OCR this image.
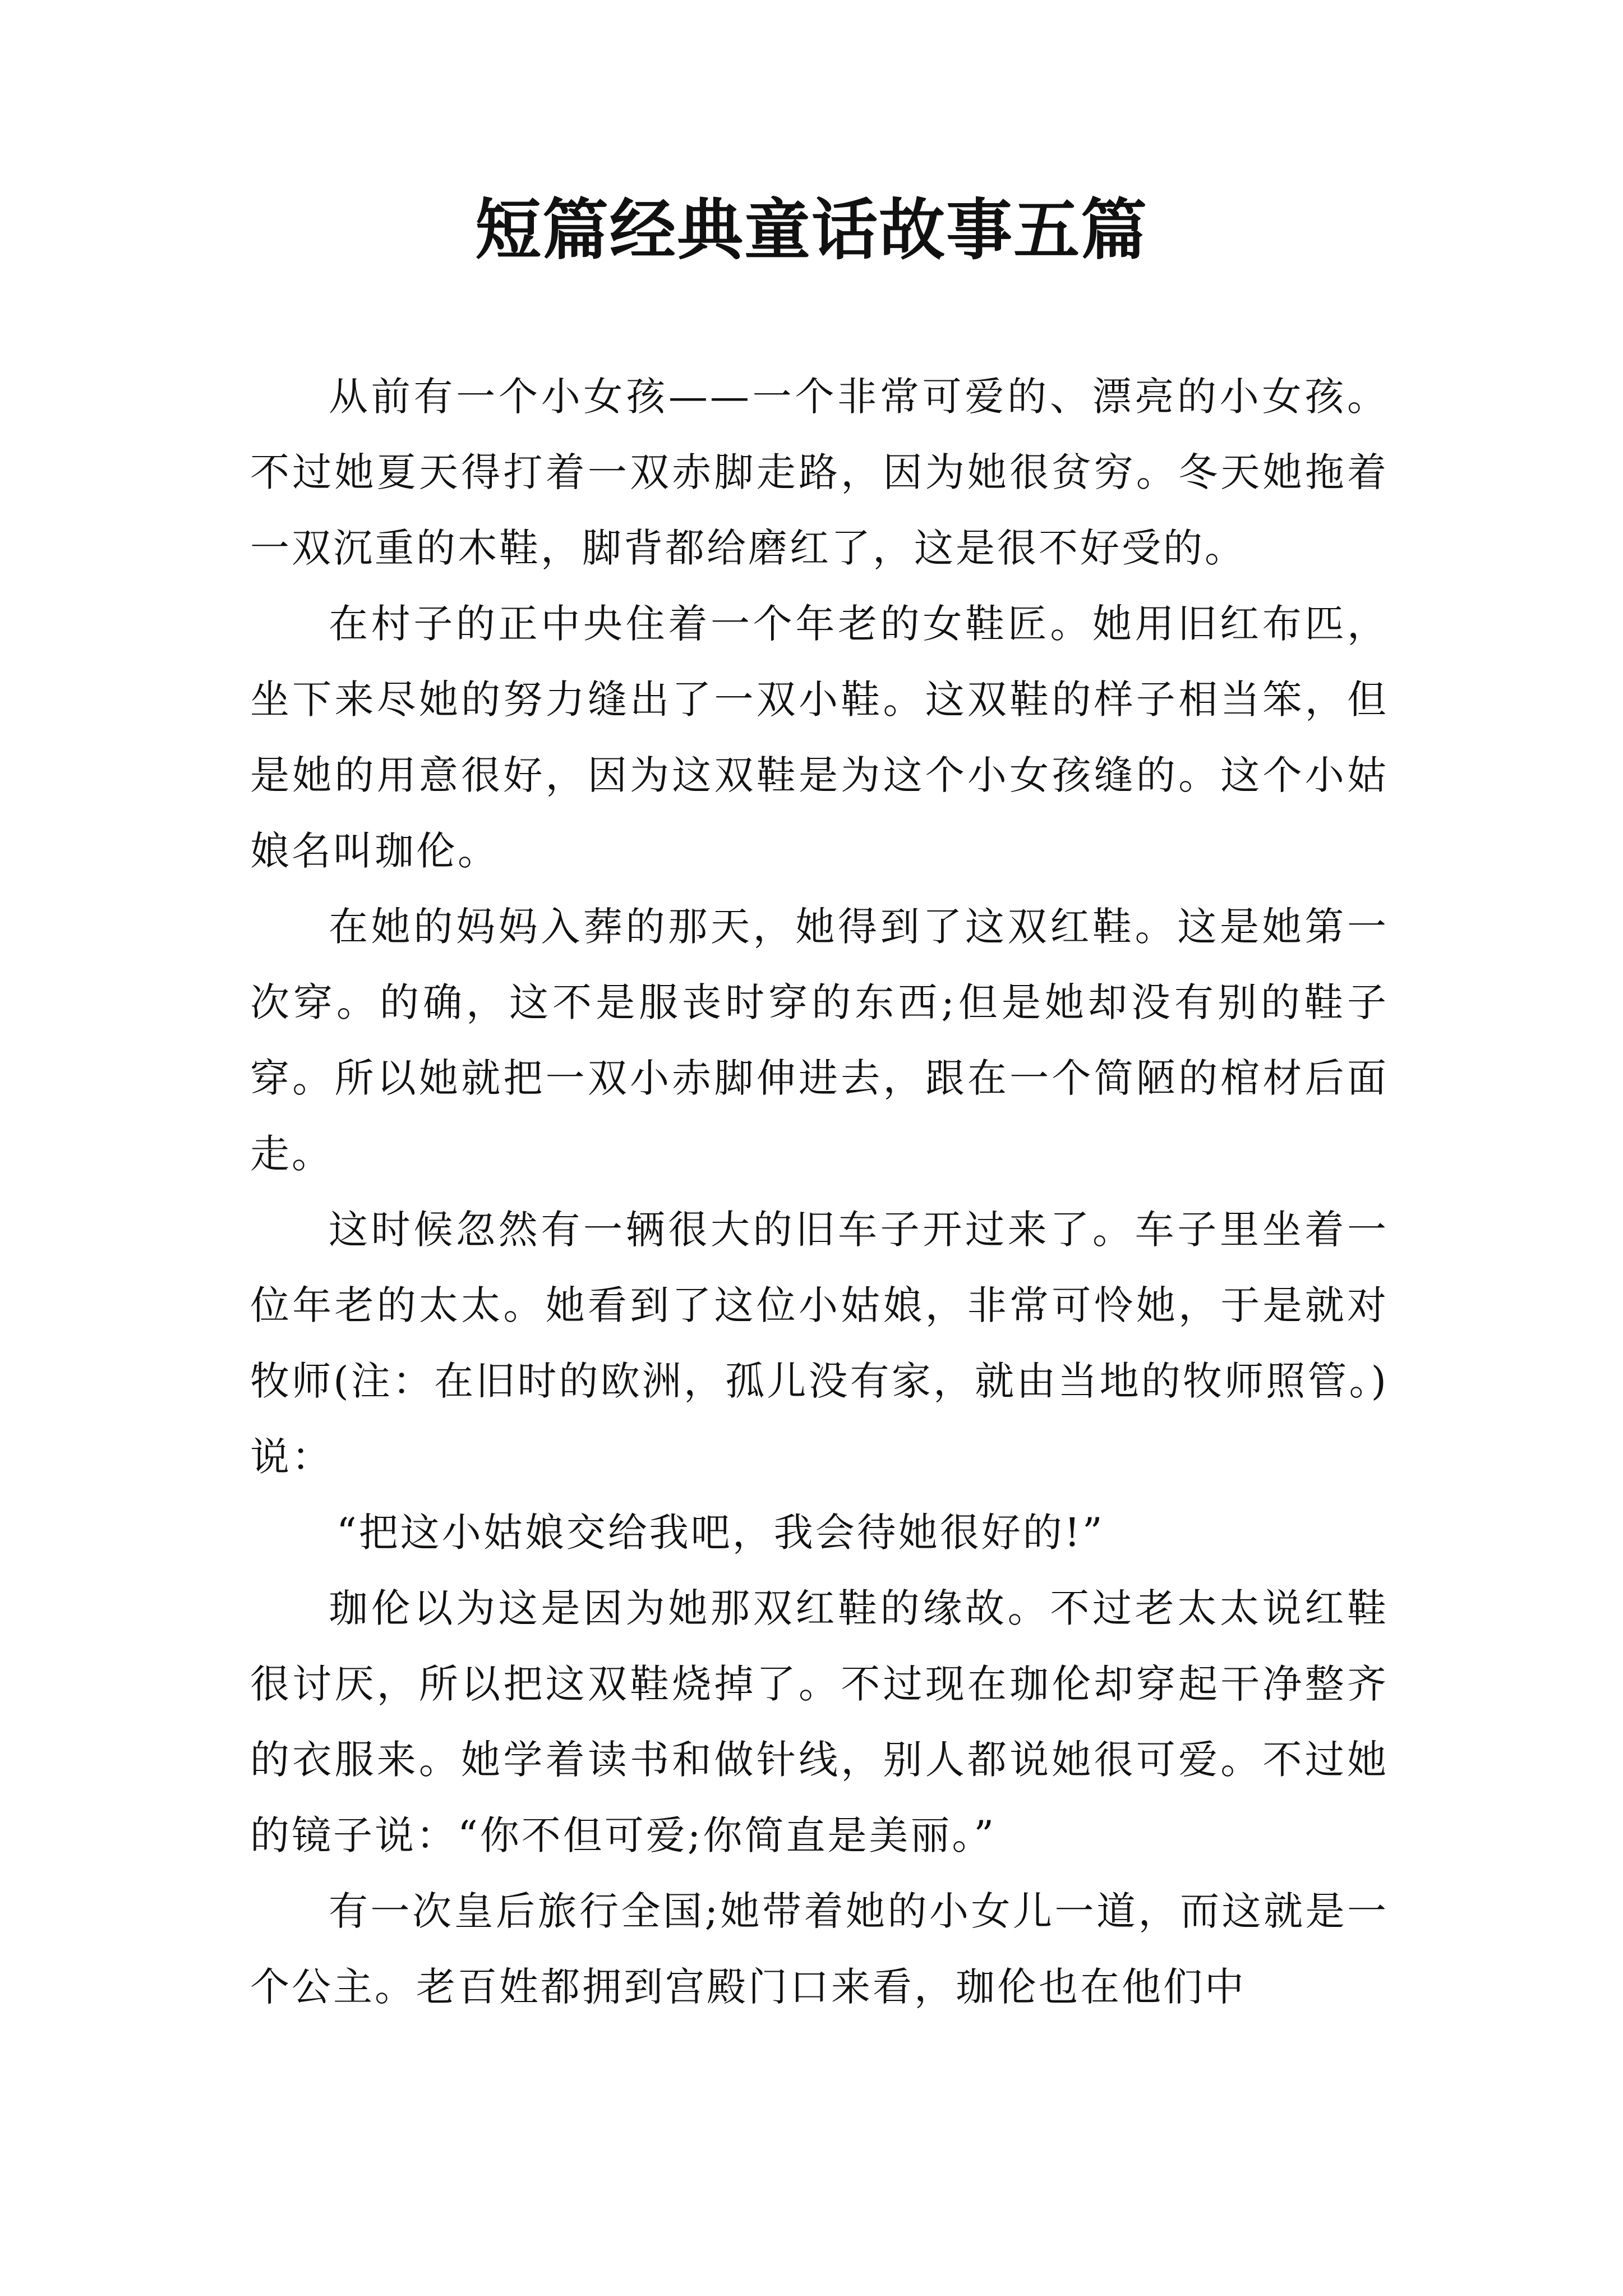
短篇经典童话故事五篇

从前有一个小女孩——一个非常可爱的、漂亮的小女孩。不过她夏天得打着一双赤脚走路，因为她很贫穷。冬天她拖着一双沉重的木鞋，脚背都给磨红了，这是很不好受的。

在村子的正中央住着一个年老的女鞋匠。她用旧红布匹，坐下来尽她的努力缝出了一双小鞋。这双鞋的样子相当笨，但是她的用意很好，因为这双鞋是为这个小女孩缝的。这个小姑娘名叫珈伦。

在她的妈妈入葬的那天，她得到了这双红鞋。这是她第一次穿。的确，这不是服丧时穿的东西;但是她却没有别的鞋子穿。所以她就把一双小赤脚伸进去，跟在一个简陋的棺材后面走。

这时候忽然有一辆很大的旧车子开过来了。车子里坐着一位年老的太太。她看到了这位小姑娘，非常可怜她，于是就对牧师(注：在旧时的欧洲，孤儿没有家，就由当地的牧师照管。)说：

“把这小姑娘交给我吧，我会待她很好的!”

珈伦以为这是因为她那双红鞋的缘故。不过老太太说红鞋很讨厌，所以把这双鞋烧掉了。不过现在珈伦却穿起干净整齐的衣服来。她学着读书和做针线，别人都说她很可爱。不过她的镜子说：“你不但可爱;你简直是美丽。”

有一次皇后旅行全国;她带着她的小女儿一道，而这就是一个公主。老百姓都拥到宫殿门口来看，珈伦也在他们中
